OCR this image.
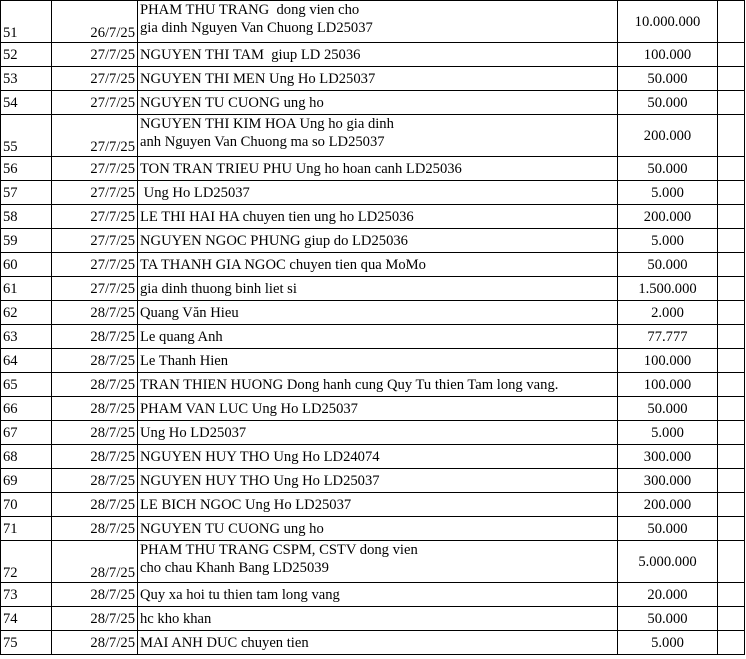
51	26/7/25	PHAM THU TRANG  dong vien cho
gia dinh Nguyen Van Chuong LD25037	10.000.000	
52	27/7/25	NGUYEN THI TAM  giup LD 25036	100.000	
53	27/7/25	NGUYEN THI MEN Ung Ho LD25037	50.000	
54	27/7/25	NGUYEN TU CUONG ung ho	50.000	
55	27/7/25	NGUYEN THI KIM HOA Ung ho gia dinh
anh Nguyen Van Chuong ma so LD25037	200.000	
56	27/7/25	TON TRAN TRIEU PHU Ung ho hoan canh LD25036	50.000	
57	27/7/25	Ung Ho LD25037	5.000	
58	27/7/25	LE THI HAI HA chuyen tien ung ho LD25036	200.000	
59	27/7/25	NGUYEN NGOC PHUNG giup do LD25036	5.000	
60	27/7/25	TA THANH GIA NGOC chuyen tien qua MoMo	50.000	
61	27/7/25	gia dinh thuong binh liet si	1.500.000	
62	28/7/25	Quang Văn Hieu	2.000	
63	28/7/25	Le quang Anh	77.777	
64	28/7/25	Le Thanh Hien	100.000	
65	28/7/25	TRAN THIEN HUONG Dong hanh cung Quy Tu thien Tam long vang.	100.000	
66	28/7/25	PHAM VAN LUC Ung Ho LD25037	50.000	
67	28/7/25	Ung Ho LD25037	5.000	
68	28/7/25	NGUYEN HUY THO Ung Ho LD24074	300.000	
69	28/7/25	NGUYEN HUY THO Ung Ho LD25037	300.000	
70	28/7/25	LE BICH NGOC Ung Ho LD25037	200.000	
71	28/7/25	NGUYEN TU CUONG ung ho	50.000	
72	28/7/25	PHAM THU TRANG CSPM, CSTV dong vien
cho chau Khanh Bang LD25039	5.000.000	
73	28/7/25	Quy xa hoi tu thien tam long vang	20.000	
74	28/7/25	hc kho khan	50.000	
75	28/7/25	MAI ANH DUC chuyen tien	5.000	
